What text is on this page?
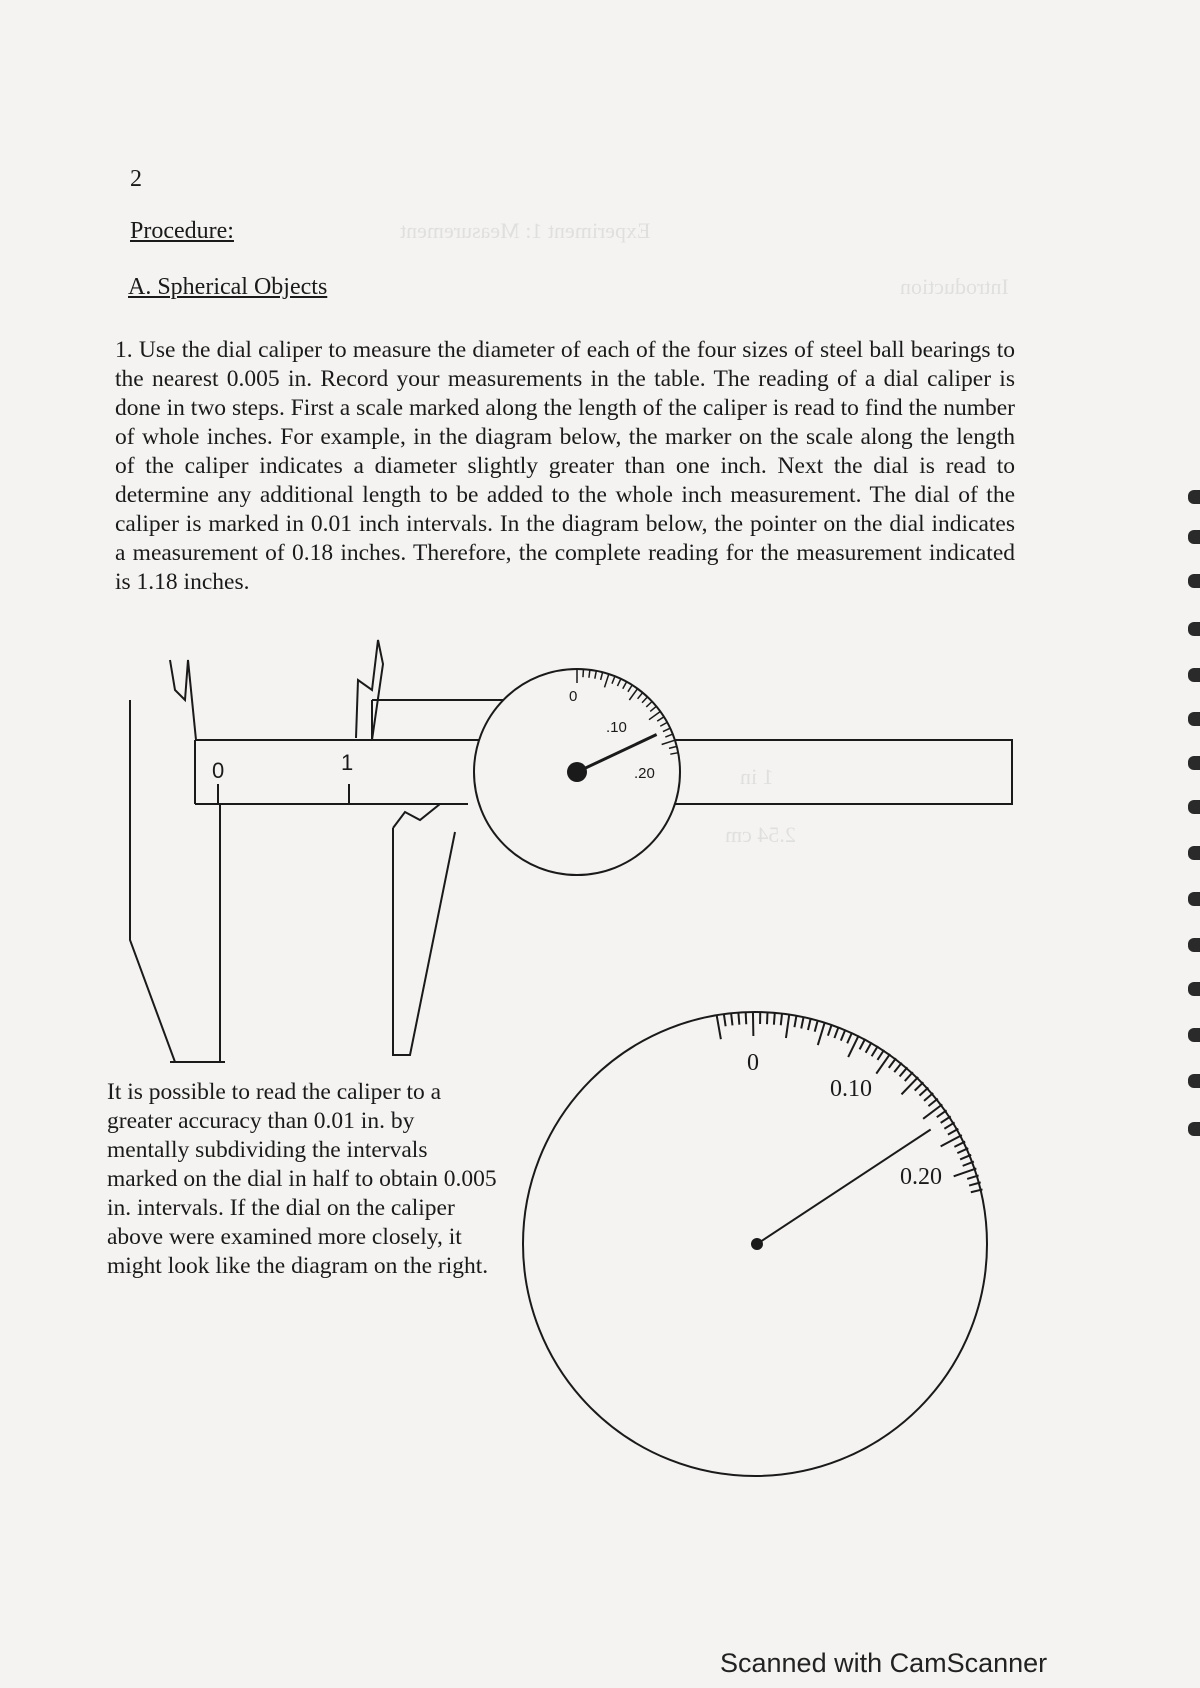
Experiment 1: Measurement
Introduction
1 in
2.54 cm
2
Procedure:
A. Spherical Objects

1. Use the dial caliper to measure the diameter of each of the four sizes of steel ball bearings to the nearest 0.005 in. Record your measurements in the table. The reading of a dial caliper is done in two steps. First a scale marked along the length of the caliper is read to find the number of whole inches. For example, in the diagram below, the marker on the scale along the length of the caliper indicates a diameter slightly greater than one inch. Next the dial is read to determine any additional length to be added to the whole inch measurement. The dial of the caliper is marked in 0.01 inch intervals. In the diagram below, the pointer on the dial indicates a measurement of 0.18 inches. Therefore, the complete reading for the measurement indicated is 1.18 inches.

0	1
0
.10
.20
0
0.10
0.20

It is possible to read the caliper to a greater accuracy than 0.01 in. by mentally subdividing the intervals marked on the dial in half to obtain 0.005 in. intervals. If the dial on the caliper above were examined more closely, it might look like the diagram on the right.

Scanned with CamScanner
